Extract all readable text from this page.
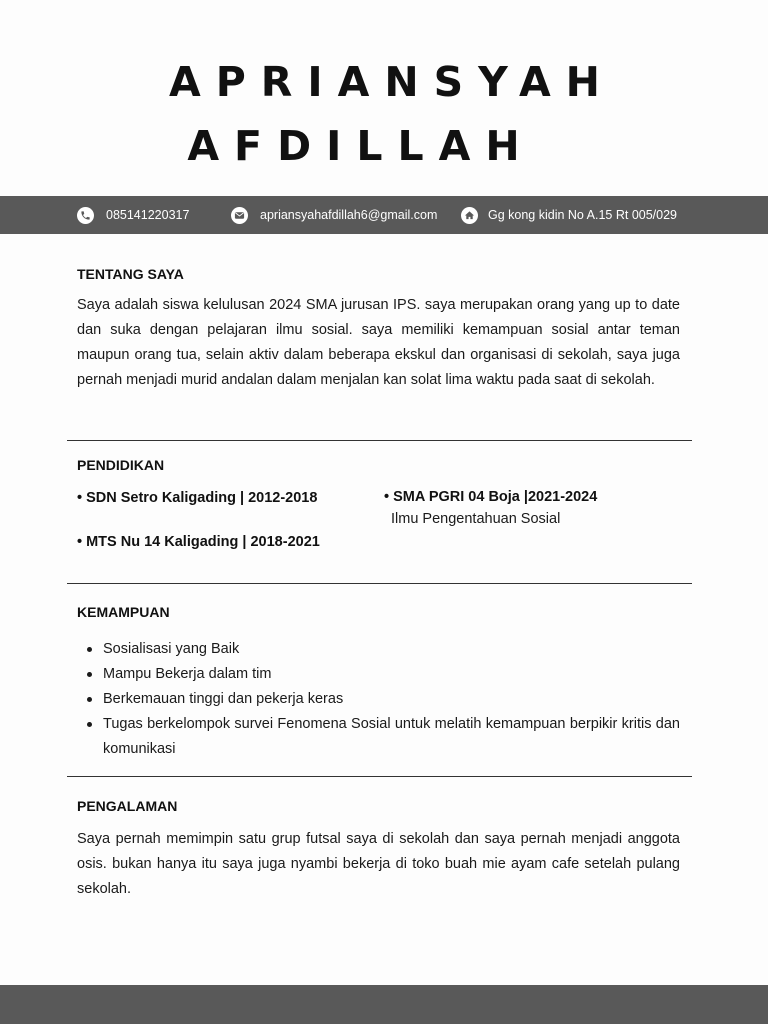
APRIANSYAH
AFDILLAH
085141220317	apriansyahafdillah6@gmail.com	Gg kong kidin No A.15 Rt 005/029
TENTANG SAYA

Saya adalah siswa kelulusan 2024 SMA jurusan IPS. saya merupakan orang yang up to date dan suka dengan pelajaran ilmu sosial. saya memiliki kemampuan sosial antar teman maupun orang tua, selain aktiv dalam beberapa ekskul dan organisasi di sekolah, saya juga pernah menjadi murid andalan dalam menjalan kan solat lima waktu pada saat di sekolah.

PENDIDIKAN
• SDN Setro Kaligading | 2012-2018
• MTS Nu 14 Kaligading | 2018-2021
• SMA PGRI 04 Boja |2021-2024
Ilmu Pengentahuan Sosial
KEMAMPUAN
Sosialisasi yang Baik
Mampu Bekerja dalam tim
Berkemauan tinggi dan pekerja keras
Tugas berkelompok survei Fenomena Sosial untuk melatih kemampuan berpikir kritis dan komunikasi
PENGALAMAN

Saya pernah memimpin satu grup futsal saya di sekolah dan saya pernah menjadi anggota osis. bukan hanya itu saya juga nyambi bekerja di toko buah mie ayam cafe setelah pulang sekolah.
